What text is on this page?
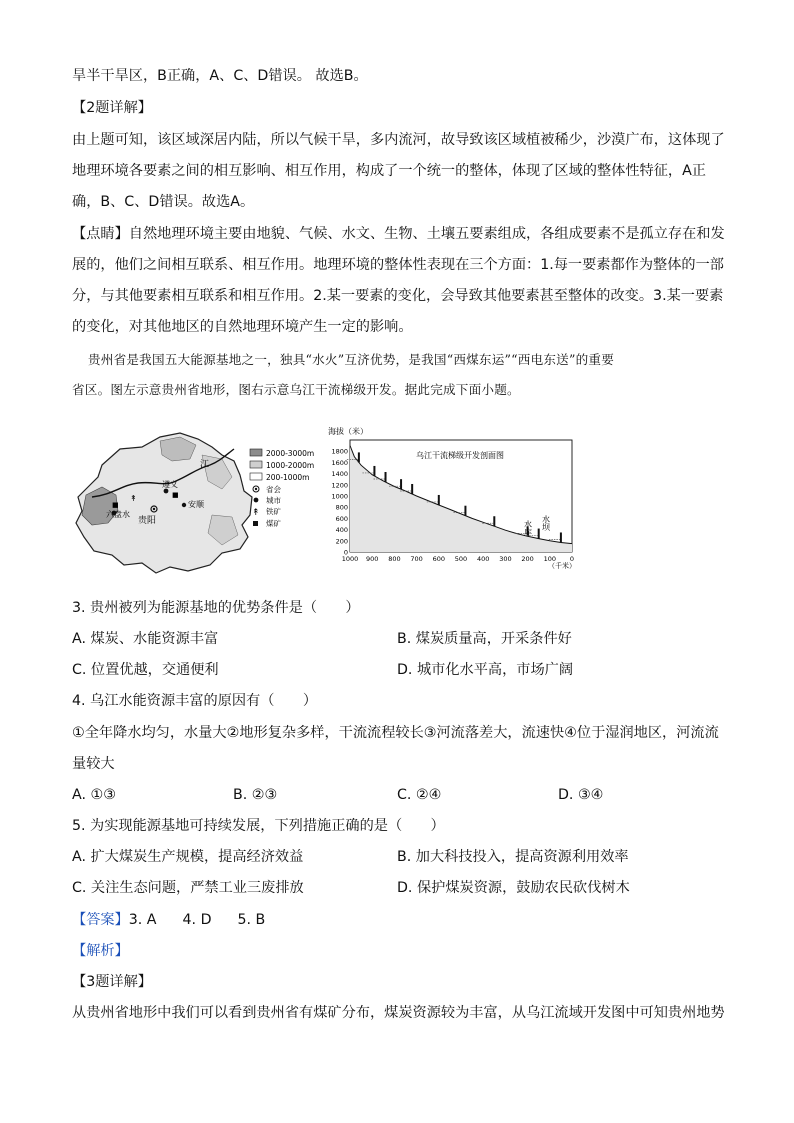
旱半干旱区，B正确，A、C、D错误。 故选B。
【2题详解】
由上题可知，该区域深居内陆，所以气候干旱，多内流河，故导致该区域植被稀少，沙漠广布，这体现了
地理环境各要素之间的相互影响、相互作用，构成了一个统一的整体，体现了区域的整体性特征，A正
确，B、C、D错误。故选A。
【点睛】自然地理环境主要由地貌、气候、水文、生物、土壤五要素组成，各组成要素不是孤立存在和发
展的，他们之间相互联系、相互作用。地理环境的整体性表现在三个方面：1.每一要素都作为整体的一部
分，与其他要素相互联系和相互作用。2.某一要素的变化，会导致其他要素甚至整体的改变。3.某一要素
的变化，对其他地区的自然地理环境产生一定的影响。
贵州省是我国五大能源基地之一，独具“水火”互济优势，是我国“西煤东运”“西电东送”的重要
省区。图左示意贵州省地形，图右示意乌江干流梯级开发。据此完成下面小题。
江
遵义
贵阳
六盘水
安顺
■
■
↟
2000-3000m
1000-2000m
200-1000m
省会
城市
↟ 铁矿
煤矿
海拔（米）
乌江干流梯级开发剖面图
0
200
400
600
800
1000
1200
1400
1600
1800
1000 900 800 700 600 500 400 300 200 100 0
（千米）
水库 水坝
3. 贵州被列为能源基地的优势条件是（　　）
A. 煤炭、水能资源丰富	B. 煤炭质量高，开采条件好
C. 位置优越，交通便利	D. 城市化水平高，市场广阔
4. 乌江水能资源丰富的原因有（　　）
①全年降水均匀，水量大②地形复杂多样，干流流程较长③河流落差大，流速快④位于湿润地区，河流流
量较大
A. ①③	B. ②③	C. ②④	D. ③④
5. 为实现能源基地可持续发展，下列措施正确的是（　　）
A. 扩大煤炭生产规模，提高经济效益	B. 加大科技投入，提高资源利用效率
C. 关注生态问题，严禁工业三废排放	D. 保护煤炭资源，鼓励农民砍伐树木
【答案】3. A 4. D 5. B
【解析】
【3题详解】
从贵州省地形中我们可以看到贵州省有煤矿分布，煤炭资源较为丰富，从乌江流域开发图中可知贵州地势
